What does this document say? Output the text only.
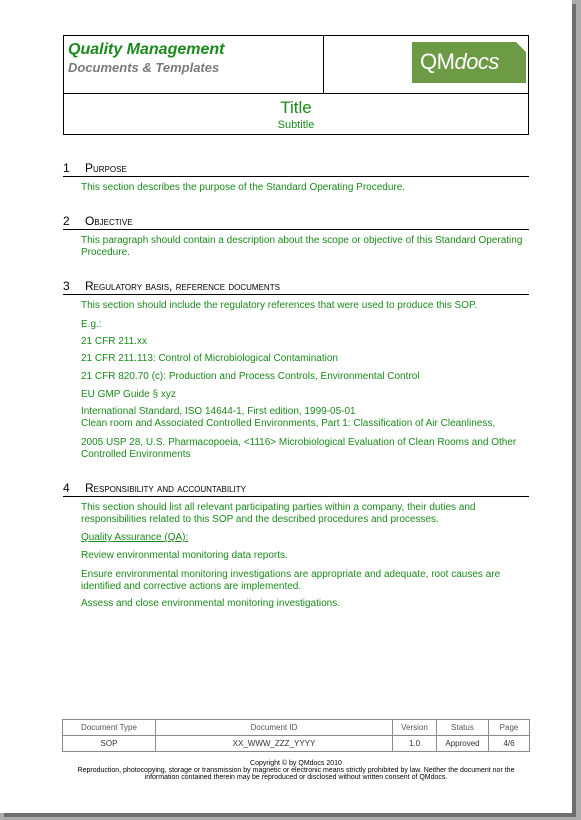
Quality Management
Documents & Templates	QMdocs
Title
Subtitle
1	Purpose
This section describes the purpose of the Standard Operating Procedure.
2	Objective
This paragraph should contain a description about the scope or objective of this Standard Operating Procedure.
3	Regulatory basis, reference documents
This section should include the regulatory references that were used to produce this SOP.
E.g.:
21 CFR 211.xx
21 CFR 211.113: Control of Microbiological Contamination
21 CFR 820.70 (c): Production and Process Controls, Environmental Control
EU GMP Guide § xyz
International Standard, ISO 14644-1, First edition, 1999-05-01
Clean room and Associated Controlled Environments, Part 1: Classification of Air Cleanliness,
2005 USP 28, U.S. Pharmacopoeia, <1116> Microbiological Evaluation of Clean Rooms and Other Controlled Environments
4	Responsibility and accountability
This section should list all relevant participating parties within a company, their duties and responsibilities related to this SOP and the described procedures and processes.
Quality Assurance (QA):
Review environmental monitoring data reports.
Ensure environmental monitoring investigations are appropriate and adequate, root causes are identified and corrective actions are implemented.
Assess and close environmental monitoring investigations.
Document Type	Document ID	Version	Status	Page
SOP	XX_WWW_ZZZ_YYYY	1.0	Approved	4/6
Copyright © by QMdocs 2010
Reproduction, photocopying, storage or transmission by magnetic or electronic means strictly prohibited by law. Neither the document nor the information contained therein may be reproduced or disclosed without written consent of QMdocs.
